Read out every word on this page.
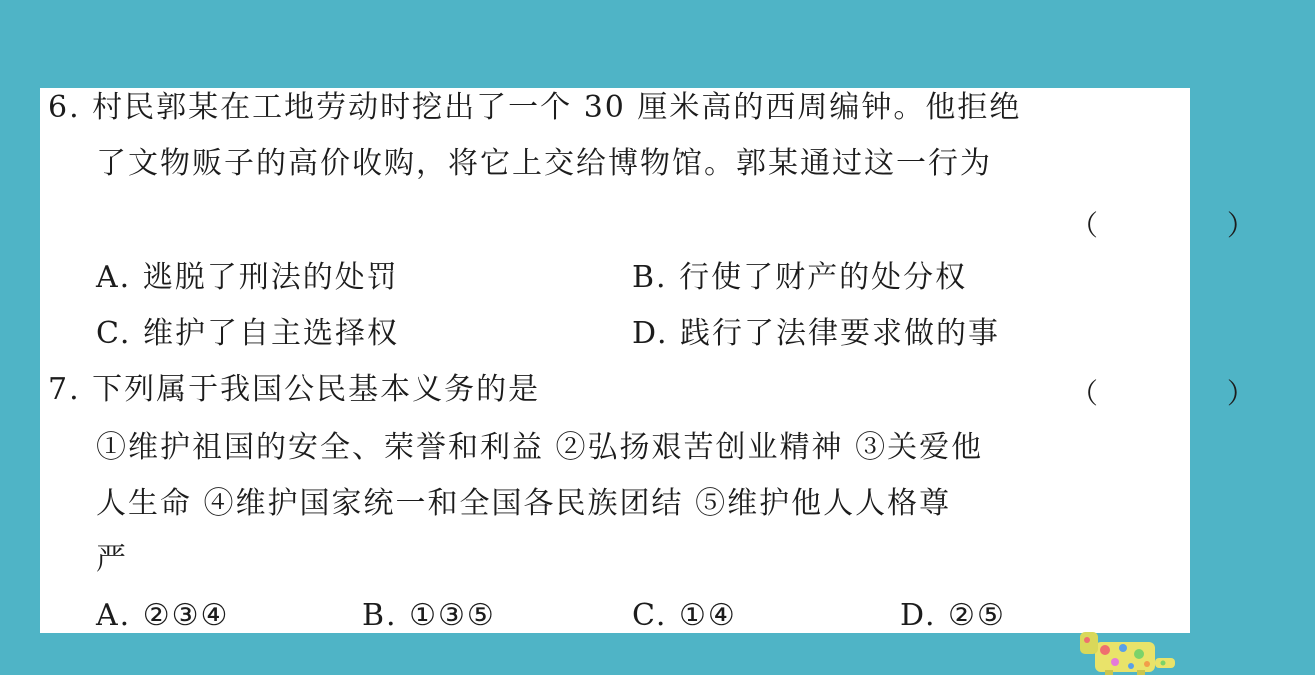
6. 村民郭某在工地劳动时挖出了一个 30 厘米高的西周编钟。他拒绝
了文物贩子的高价收购，将它上交给博物馆。郭某通过这一行为
（ ）
A. 逃脱了刑法的处罚	B. 行使了财产的处分权
C. 维护了自主选择权	D. 践行了法律要求做的事
7. 下列属于我国公民基本义务的是	（ ）
①维护祖国的安全、荣誉和利益 ②弘扬艰苦创业精神 ③关爱他
人生命 ④维护国家统一和全国各民族团结 ⑤维护他人人格尊
严
A. ②③④	B. ①③⑤	C. ①④	D. ②⑤
